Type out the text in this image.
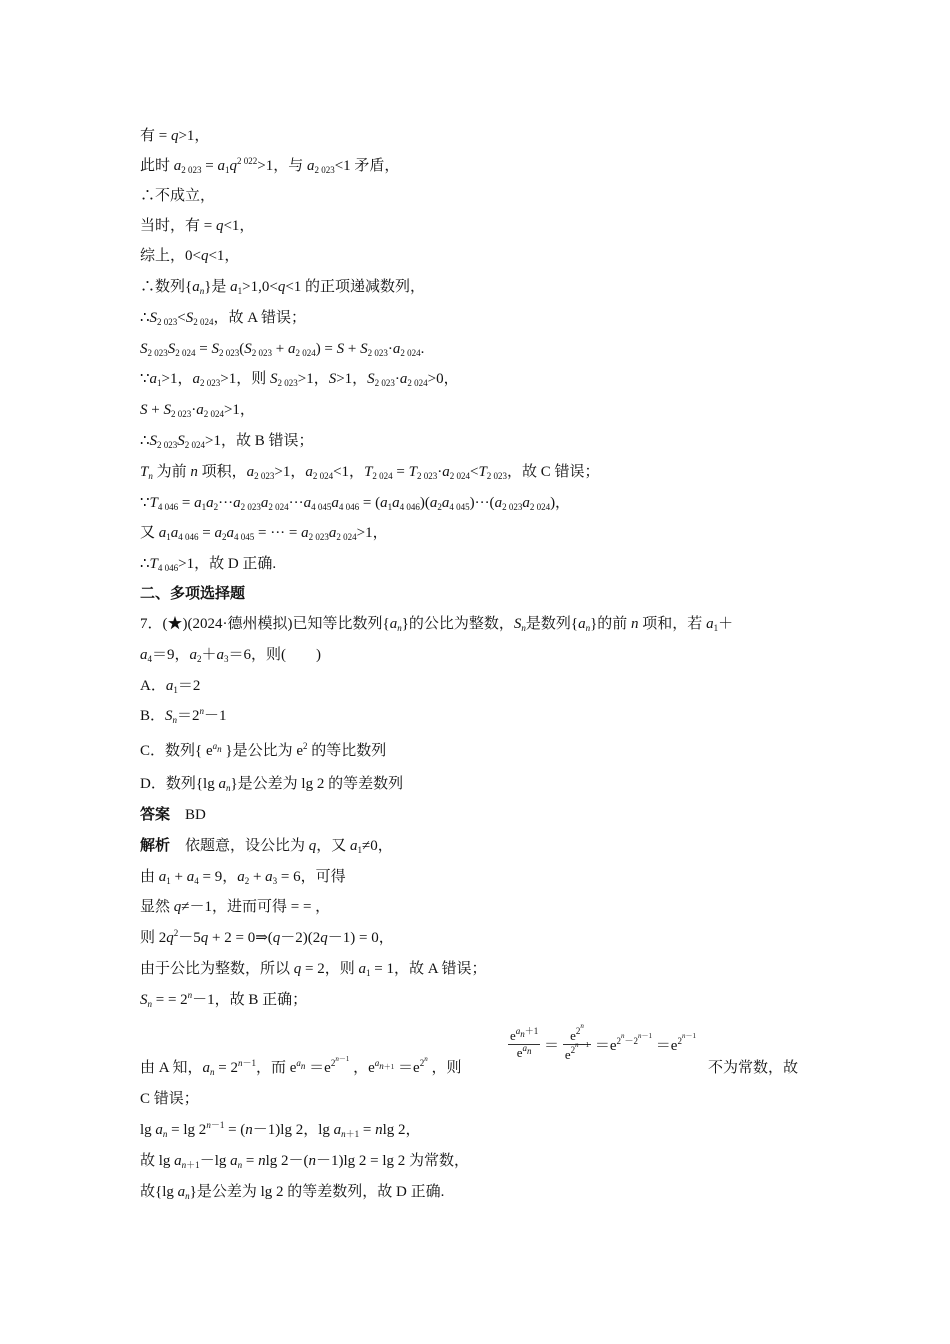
有 = q>1，
此时 $a_{2 023} = a_1q^{2 022}>1$，与 $a_{2 023}<1$ 矛盾，
∴不成立，
当时，有 = q<1，
综上，0<q<1，
∴数列$\{a_n\}$是 $a_1>1,0<q<1$ 的正项递减数列，
$\therefore S_{2 023}<S_{2 024}$，故 A 错误；
$S_{2 023}S_{2 024} = S_{2 023}(S_{2 023} + a_{2 024}) = S + S_{2 023}\cdot a_{2 024}$.
$\because a_1>1$，$a_{2 023}>1$，则 $S_{2 023}>1$，S>1，$S_{2 023}\cdot a_{2 024}>0$，
$S + S_{2 023}\cdot a_{2 024}>1$，
$\therefore S_{2 023}S_{2 024}>1$，故 B 错误；
$T_n$ 为前 n 项积，$a_{2 023}>1$，$a_{2 024}<1$，$T_{2 024} = T_{2 023}\cdot a_{2 024}<T_{2 023}$，故 C 错误；
$\because T_{4 046} = a_1a_2\cdot\cdot\cdot a_{2 023}a_{2 024}\cdot\cdot\cdot a_{4 045}a_{4 046} = (a_1a_{4 046})(a_2a_{4 045})\cdot\cdot\cdot(a_{2 023}a_{2 024})$，
又 $a_1a_{4 046} = a_2a_{4 045}$ = ··· = $a_{2 023}a_{2 024}>1$，
$\therefore T_{4 046}>1$，故 D 正确.
二、多项选择题
7．(★)(2024·德州模拟)已知等比数列$\{a_n\}$的公比为整数，$S_n$是数列$\{a_n\}$的前 n 项和，若 $a_1+$
$a_4=9$，$a_2+a_3=6$，则(　　)
A．$a_1=2$
B．$S_n=2^n-1$
C．数列{ $e^{a_n}$ }是公比为 $e^2$ 的等比数列
D．数列{lg $a_n$}是公差为 lg 2 的等差数列
答案　 BD
解析　依题意，设公比为 q，又 $a_1\ne 0$，
由 $a_1 + a_4 = 9$，$a_2 + a_3 = 6$，可得
显然 q≠－1，进而可得 = = ，
则 $2q^2-5q + 2$ = 0⇒(q－2)(2q－1) = 0，
由于公比为整数，所以 q = 2，则 $a_1 = 1$，故 A 错误；
$S_n$ = = $2^n-1$，故 B 正确；
由 A 知，$a_n = 2^{n-1}$，而 $e^{a_n} =e^{2^{n-1}}$ ，$e^{a_{n+1}} =e^{2^n}$ ，则
$\frac{e^{a_n+1}}{e^{a_n}} = \frac{e^{2^n}}{e^{2^{n-1}}} =e^{2^n-2^{n-1}} =e^{2^{n-1}}$
不为常数，故
C 错误；
$\lg a_n = \lg 2^{n-1} = (n-1)\lg$ 2，$\lg a_{n+1} = nlg$ 2，
故 $\lg a_{n+1}-\lg$ $a_n = nlg$ 2－(n－1)lg 2 = lg 2 为常数，
故{lg $a_n$}是公差为 lg 2 的等差数列，故 D 正确.
